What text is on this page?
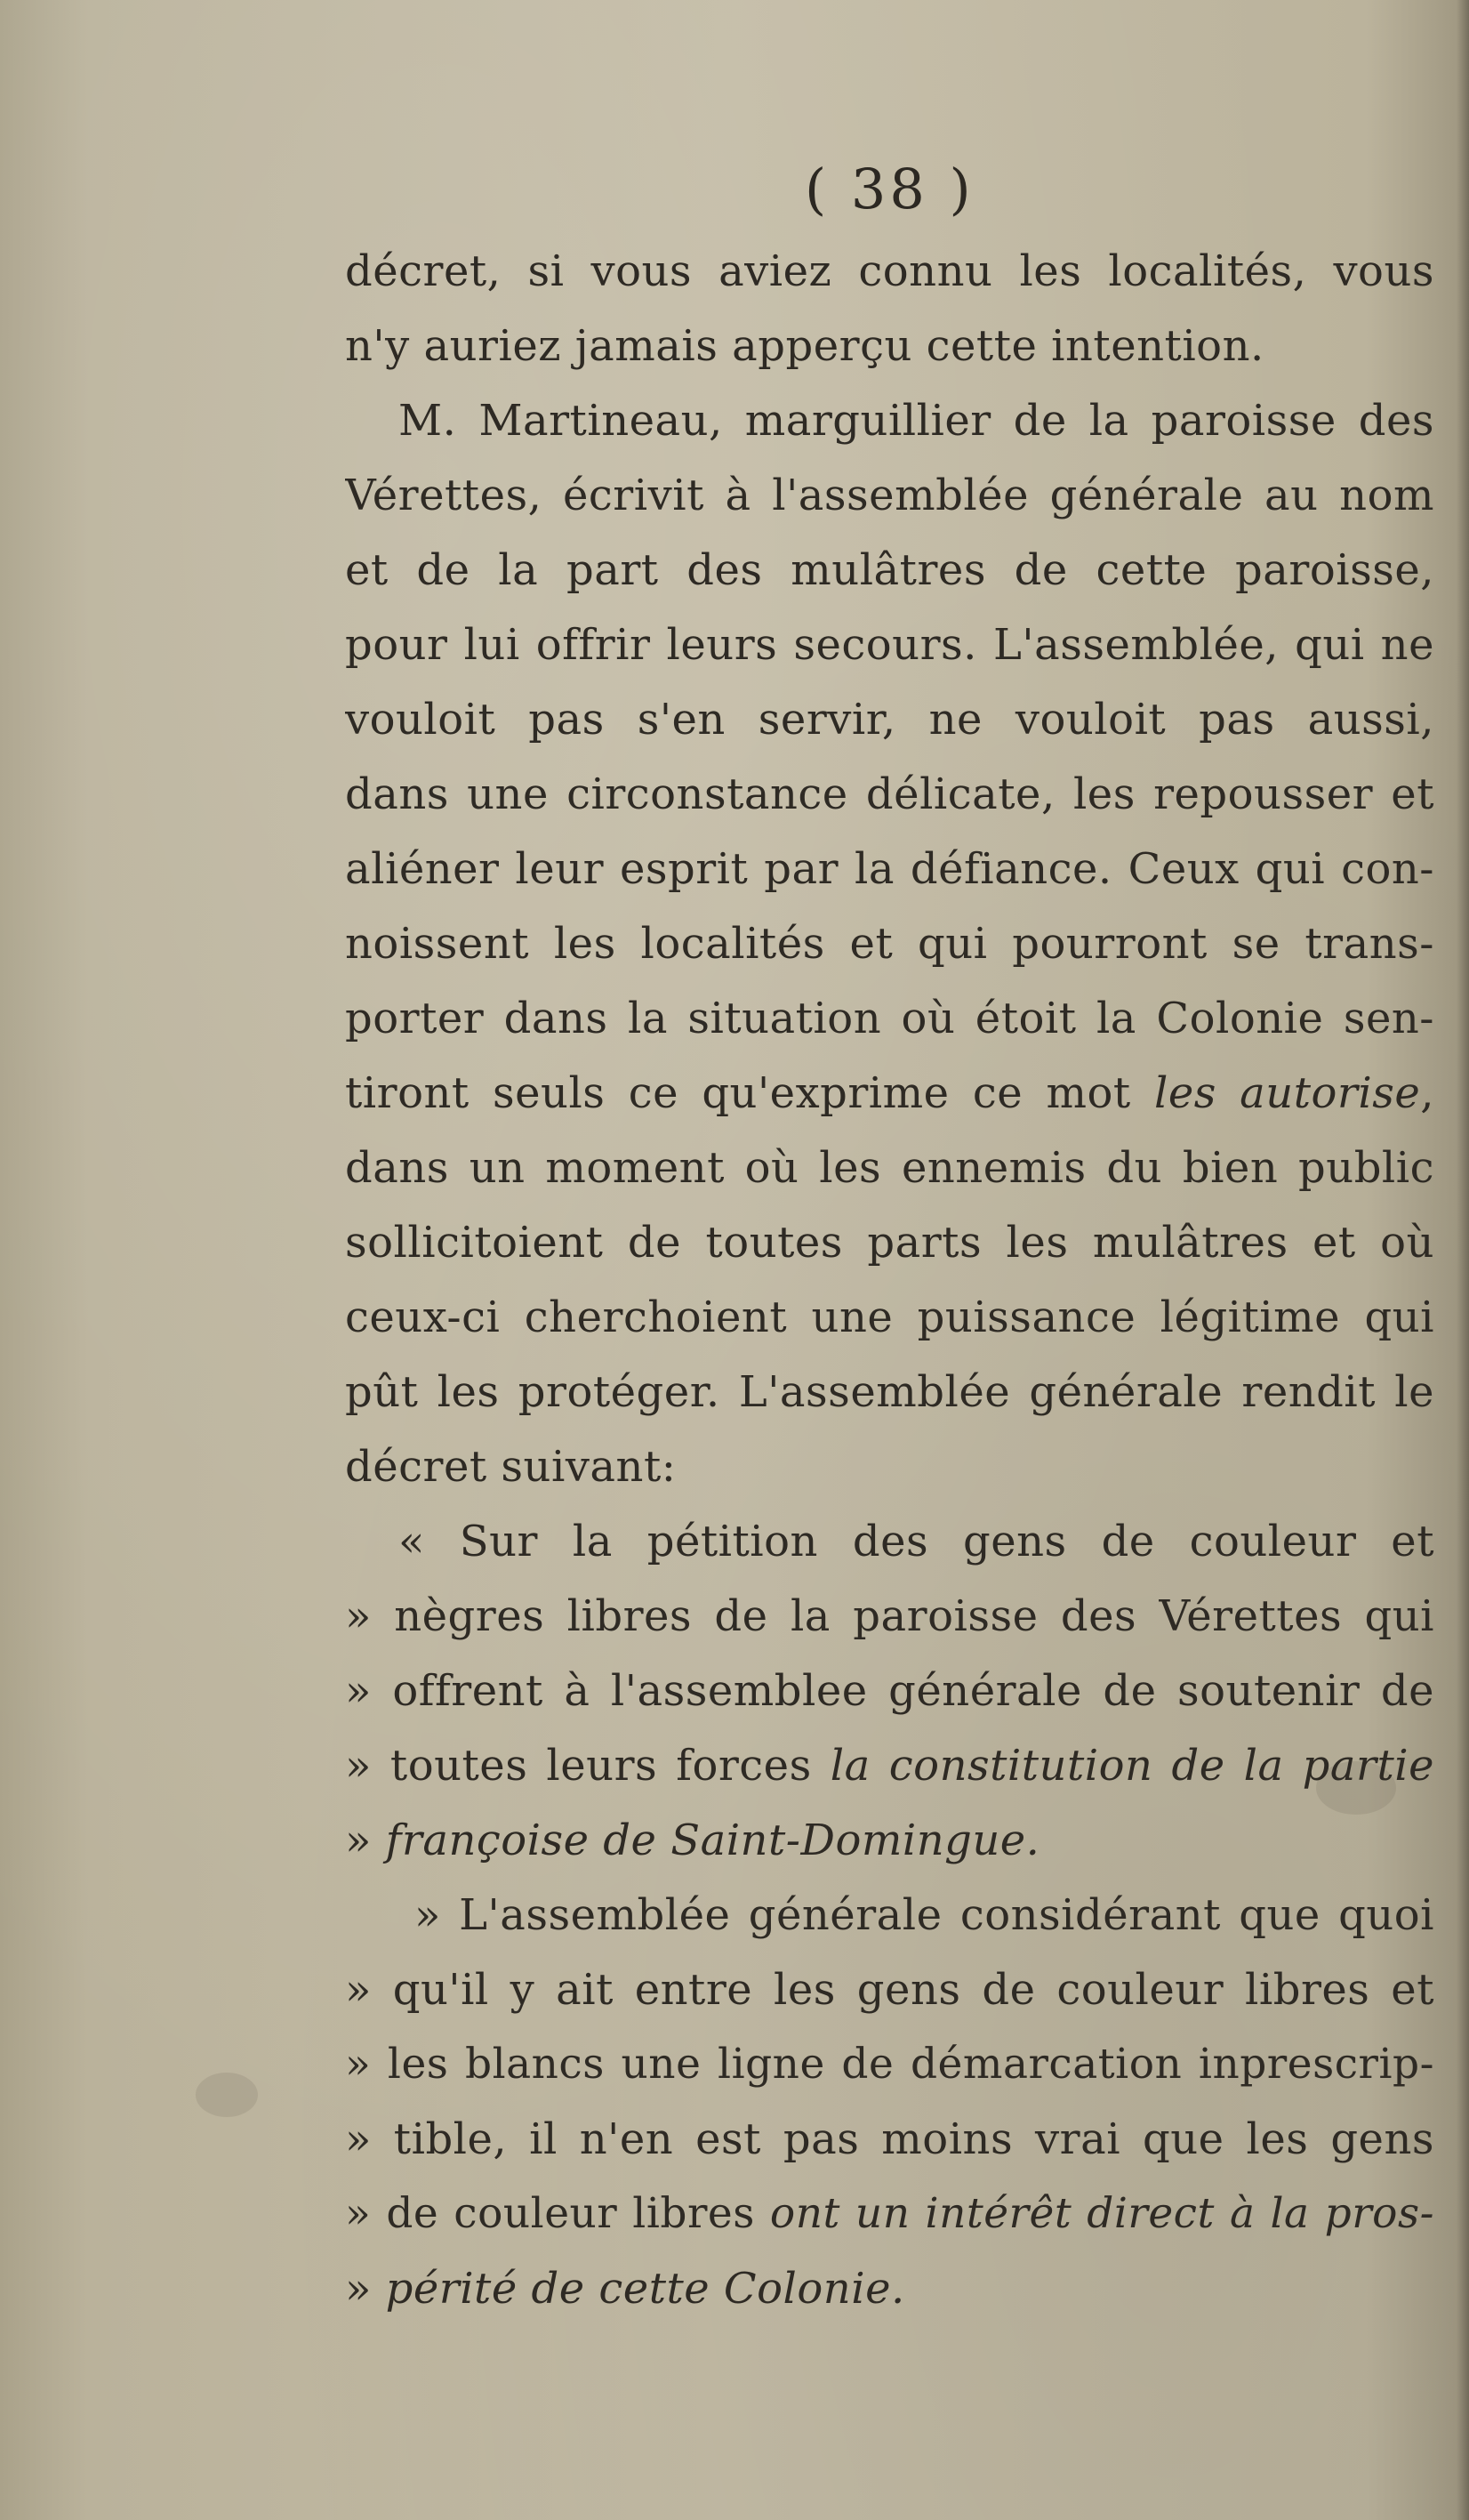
( 38 )
décret, si vous aviez connu les localités, vous
n'y auriez jamais apperçu cette intention.
M. Martineau, marguillier de la paroisse des
Vérettes, écrivit à l'assemblée générale au nom
et de la part des mulâtres de cette paroisse,
pour lui offrir leurs secours. L'assemblée, qui ne
vouloit pas s'en servir, ne vouloit pas aussi,
dans une circonstance délicate, les repousser et
aliéner leur esprit par la défiance. Ceux qui con-
noissent les localités et qui pourront se trans-
porter dans la situation où étoit la Colonie sen-
tiront seuls ce qu'exprime ce mot les autorise,
dans un moment où les ennemis du bien public
sollicitoient de toutes parts les mulâtres et où
ceux-ci cherchoient une puissance légitime qui
pût les protéger. L'assemblée générale rendit le
décret suivant:
« Sur la pétition des gens de couleur et
» nègres libres de la paroisse des Vérettes qui
» offrent à l'assemblee générale de soutenir de
» toutes leurs forces la constitution de la partie
» françoise de Saint-Domingue.
» L'assemblée générale considérant que quoi
» qu'il y ait entre les gens de couleur libres et
» les blancs une ligne de démarcation inprescrip-
» tible, il n'en est pas moins vrai que les gens
» de couleur libres ont un intérêt direct à la pros-
» périté de cette Colonie.
